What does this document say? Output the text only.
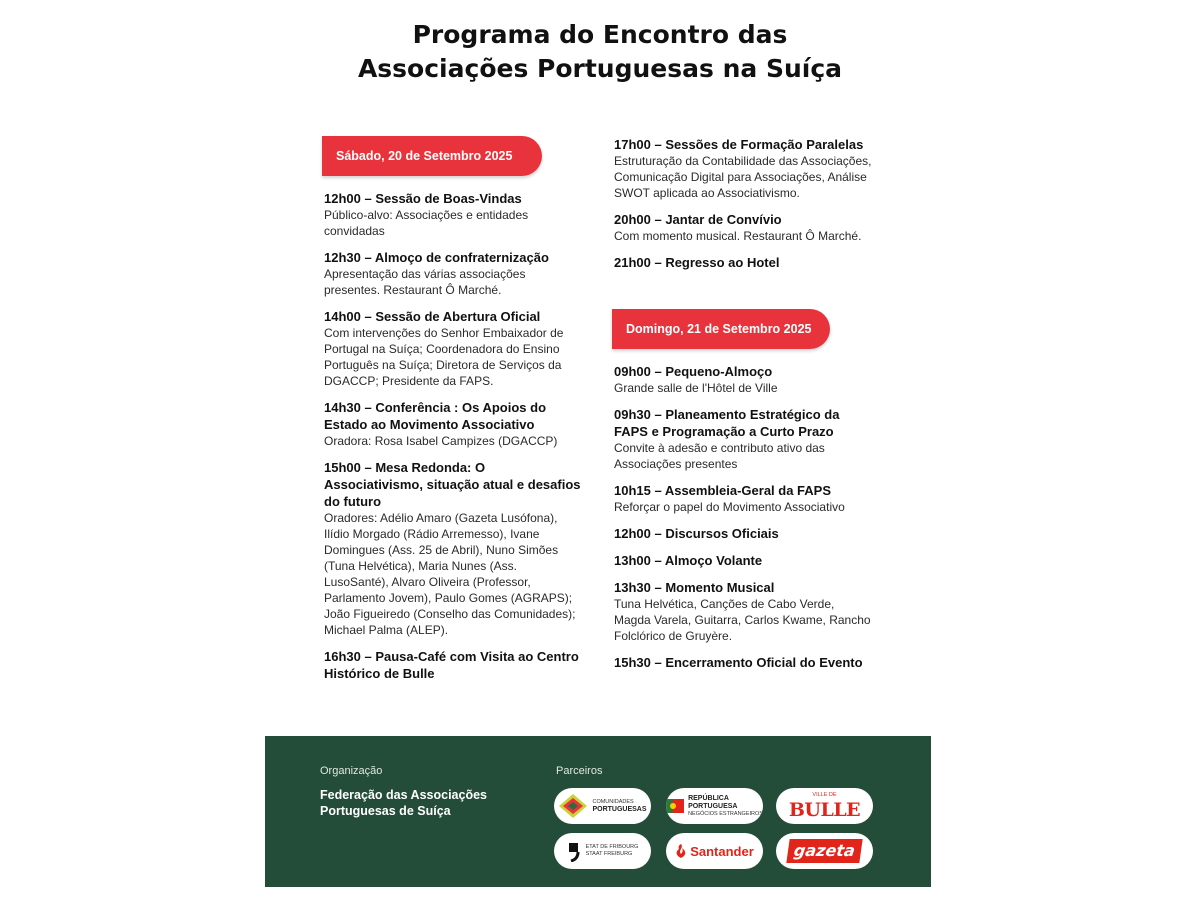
Programa do Encontro das
Associações Portuguesas na Suíça
Sábado, 20 de Setembro 2025
12h00 – Sessão de Boas-Vindas
Público-alvo: Associações e entidades convidadas
12h30 – Almoço de confraternização
Apresentação das várias associações presentes. Restaurant Ô Marché.
14h00 – Sessão de Abertura Oficial
Com intervenções do Senhor Embaixador de Portugal na Suíça; Coordenadora do Ensino Português na Suíça; Diretora de Serviços da DGACCP; Presidente da FAPS.
14h30 – Conferência : Os Apoios do Estado ao Movimento Associativo
Oradora: Rosa Isabel Campizes (DGACCP)
15h00 – Mesa Redonda: O Associativismo, situação atual e desafios do futuro
Oradores: Adélio Amaro (Gazeta Lusófona), Ilídio Morgado (Rádio Arremesso), Ivane Domingues (Ass. 25 de Abril), Nuno Simões (Tuna Helvética), Maria Nunes (Ass. LusoSanté), Alvaro Oliveira (Professor, Parlamento Jovem), Paulo Gomes (AGRAPS); João Figueiredo (Conselho das Comunidades); Michael Palma (ALEP).
16h30 – Pausa-Café com Visita ao Centro Histórico de Bulle
17h00 – Sessões de Formação Paralelas
Estruturação da Contabilidade das Associações, Comunicação Digital para Associações, Análise SWOT aplicada ao Associativismo.
20h00 – Jantar de Convívio
Com momento musical. Restaurant Ô Marché.
21h00 – Regresso ao Hotel
Domingo, 21 de Setembro 2025
09h00 – Pequeno-Almoço
Grande salle de l'Hôtel de Ville
09h30 – Planeamento Estratégico da FAPS e Programação a Curto Prazo
Convite à adesão e contributo ativo das Associações presentes
10h15 – Assembleia-Geral da FAPS
Reforçar o papel do Movimento Associativo
12h00 – Discursos Oficiais
13h00 – Almoço Volante
13h30 – Momento Musical
Tuna Helvética, Canções de Cabo Verde, Magda Varela, Guitarra, Carlos Kwame, Rancho Folclórico de Gruyère.
15h30 – Encerramento Oficial do Evento
Organização
Federação das Associações Portuguesas de Suíça
Parceiros
COMUNIDADES
PORTUGUESAS
REPÚBLICA
PORTUGUESA
NEGÓCIOS ESTRANGEIROS
VILLE DE
BULLE
ETAT DE FRIBOURG
STAAT FREIBURG	Santander	gazeta
